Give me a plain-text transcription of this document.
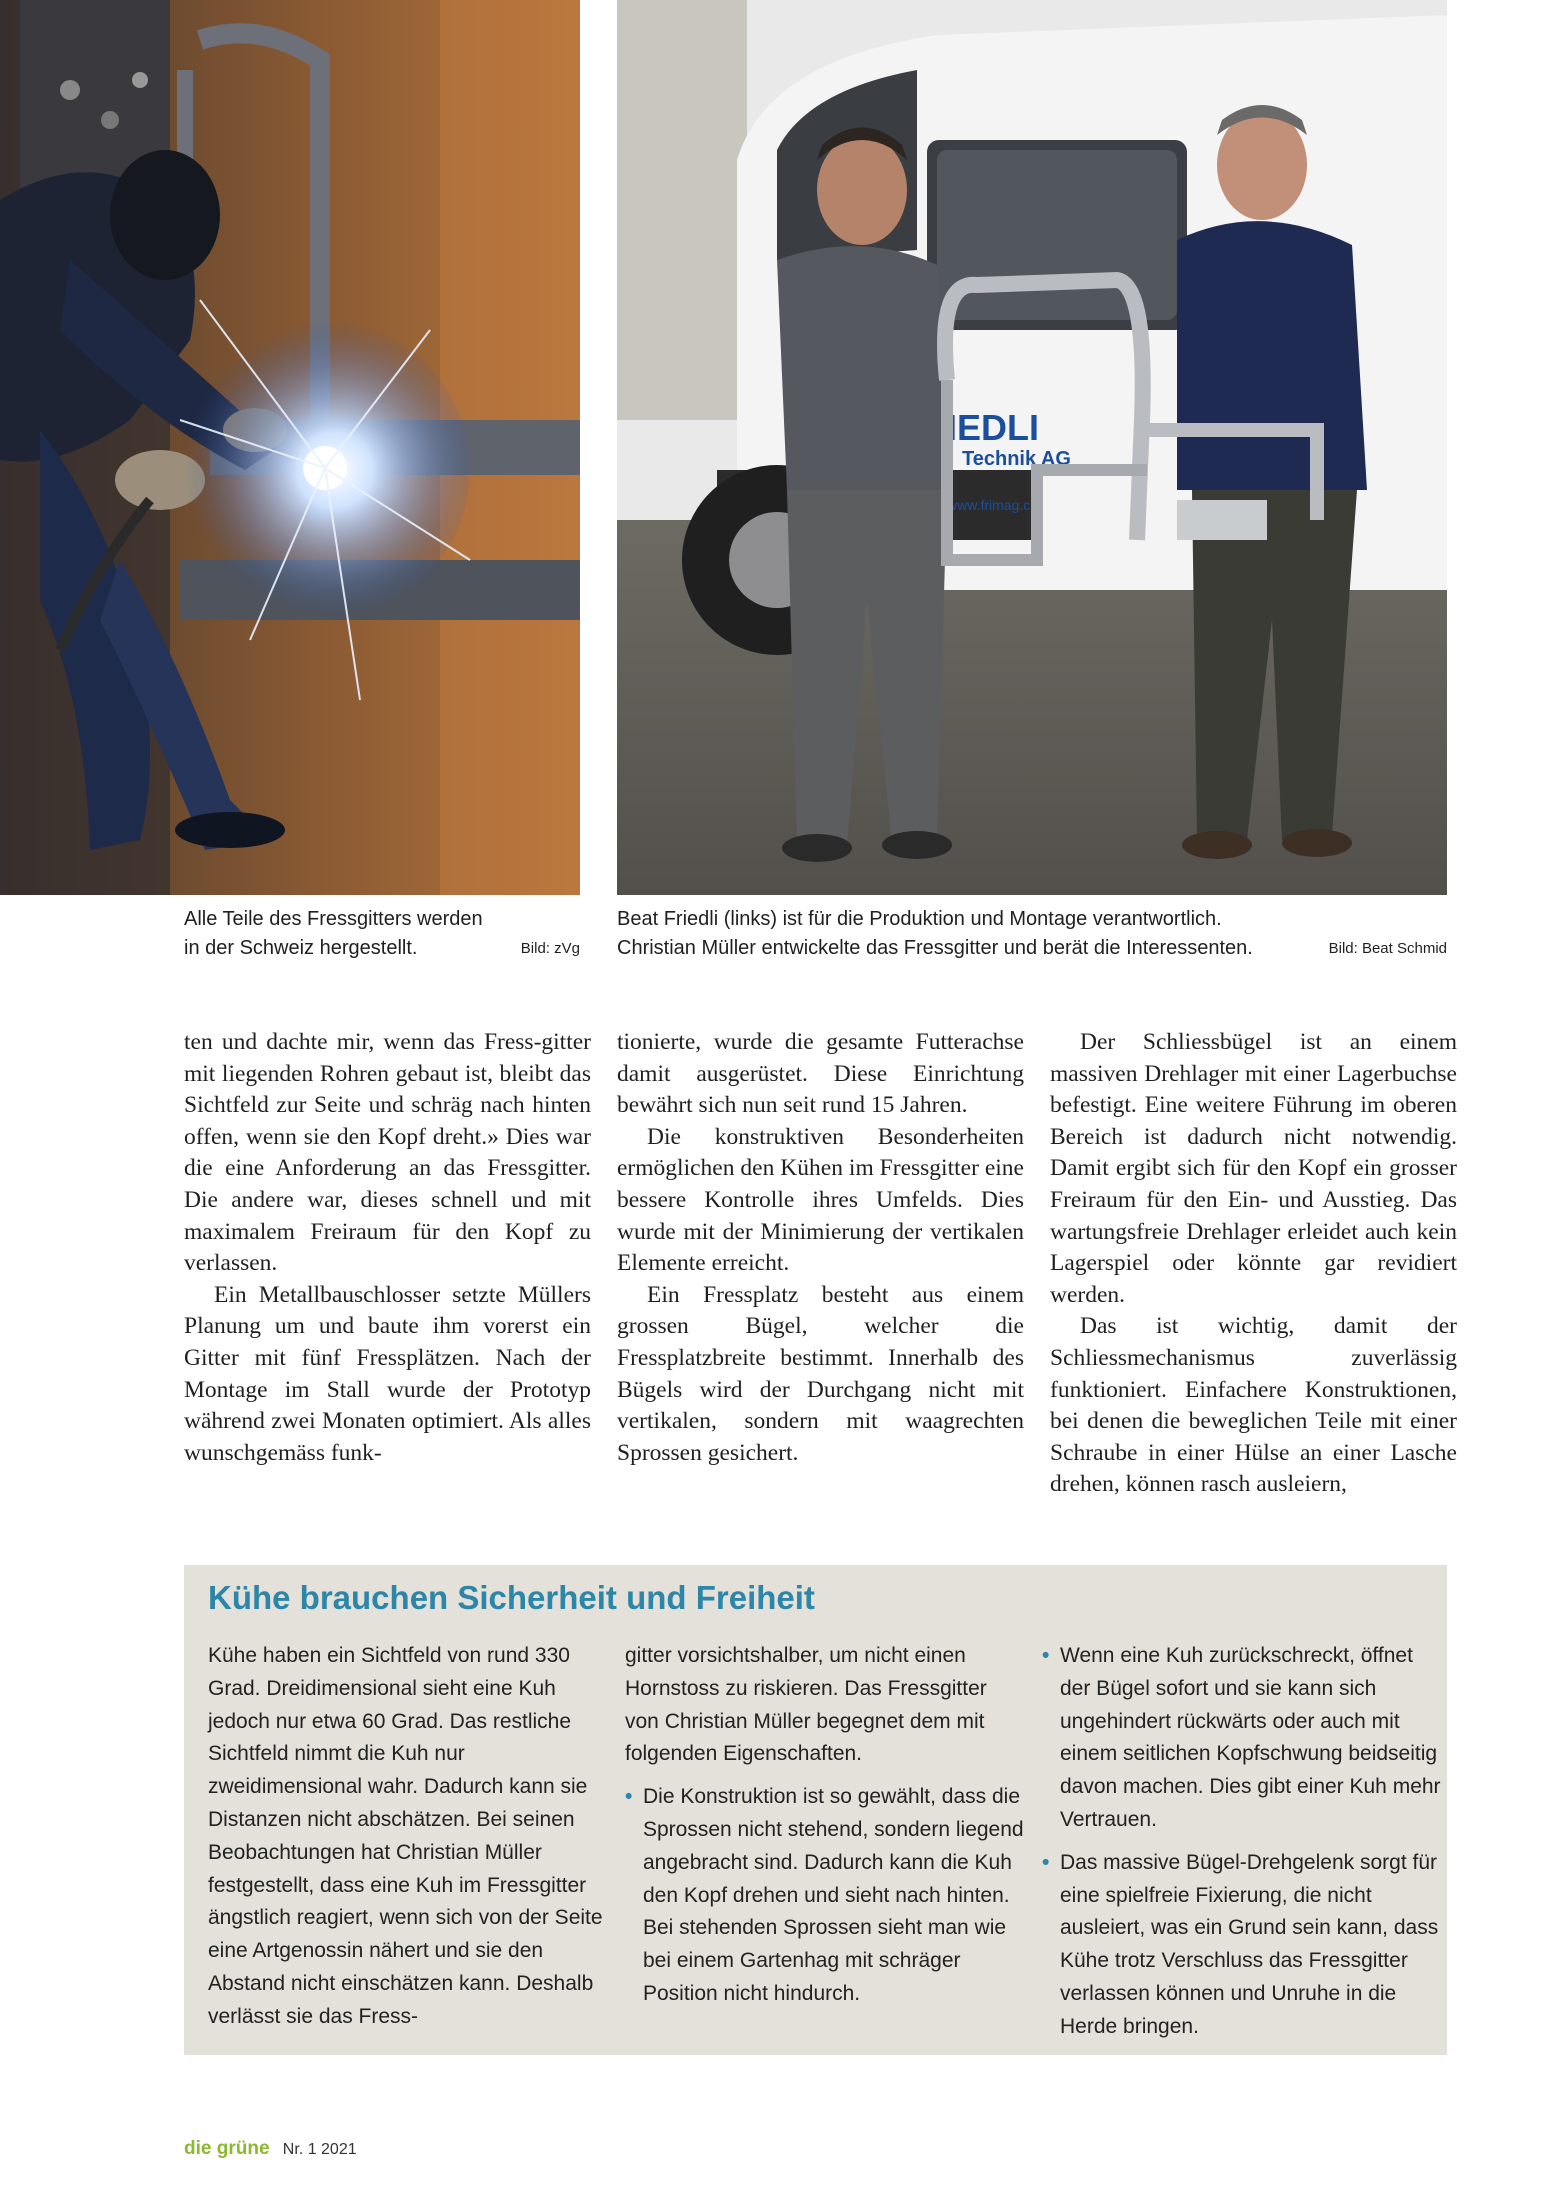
IEDLI
Technik AG
www.frimag.ch
Alle Teile des Fressgitters werden
in der Schweiz hergestellt.	Bild: zVg
Beat Friedli (links) ist für die Produktion und Montage verantwortlich.
Christian Müller entwickelte das Fressgitter und berät die Interessenten.	Bild: Beat Schmid

ten und dachte mir, wenn das Fress-gitter mit liegenden Rohren gebaut ist, bleibt das Sichtfeld zur Seite und schräg nach hinten offen, wenn sie den Kopf dreht.» Dies war die eine Anforderung an das Fressgitter. Die andere war, dieses schnell und mit maximalem Freiraum für den Kopf zu verlassen.

Ein Metallbauschlosser setzte Müllers Planung um und baute ihm vorerst ein Gitter mit fünf Fressplätzen. Nach der Montage im Stall wurde der Prototyp während zwei Monaten optimiert. Als alles wunschgemäss funk-

tionierte, wurde die gesamte Futterachse damit ausgerüstet. Diese Einrichtung bewährt sich nun seit rund 15 Jahren.

Die konstruktiven Besonderheiten ermöglichen den Kühen im Fressgitter eine bessere Kontrolle ihres Umfelds. Dies wurde mit der Minimierung der vertikalen Elemente erreicht.

Ein Fressplatz besteht aus einem grossen Bügel, welcher die Fressplatzbreite bestimmt. Innerhalb des Bügels wird der Durchgang nicht mit vertikalen, sondern mit waagrechten Sprossen gesichert.

Der Schliessbügel ist an einem massiven Drehlager mit einer Lagerbuchse befestigt. Eine weitere Führung im oberen Bereich ist dadurch nicht notwendig. Damit ergibt sich für den Kopf ein grosser Freiraum für den Ein- und Ausstieg. Das wartungsfreie Drehlager erleidet auch kein Lagerspiel oder könnte gar revidiert werden.

Das ist wichtig, damit der Schliessmechanismus zuverlässig funktioniert. Einfachere Konstruktionen, bei denen die beweglichen Teile mit einer Schraube in einer Hülse an einer Lasche drehen, können rasch ausleiern,

Kühe brauchen Sicherheit und Freiheit

Kühe haben ein Sichtfeld von rund 330 Grad. Dreidimensional sieht eine Kuh jedoch nur etwa 60 Grad. Das restliche Sichtfeld nimmt die Kuh nur zweidimensional wahr. Dadurch kann sie Distanzen nicht abschätzen. Bei seinen Beobachtungen hat Christian Müller festgestellt, dass eine Kuh im Fressgitter ängstlich reagiert, wenn sich von der Seite eine Artgenossin nähert und sie den Abstand nicht einschätzen kann. Deshalb verlässt sie das Fress-

gitter vorsichtshalber, um nicht einen Hornstoss zu riskieren. Das Fressgitter von Christian Müller begegnet dem mit folgenden Eigenschaften.

• Die Konstruktion ist so gewählt, dass die Sprossen nicht stehend, sondern liegend angebracht sind. Dadurch kann die Kuh den Kopf drehen und sieht nach hinten. Bei stehenden Sprossen sieht man wie bei einem Gartenhag mit schräger Position nicht hindurch.
• Wenn eine Kuh zurückschreckt, öffnet der Bügel sofort und sie kann sich ungehindert rückwärts oder auch mit einem seitlichen Kopfschwung beidseitig davon machen. Dies gibt einer Kuh mehr Vertrauen.
• Das massive Bügel-Drehgelenk sorgt für eine spielfreie Fixierung, die nicht ausleiert, was ein Grund sein kann, dass Kühe trotz Verschluss das Fressgitter verlassen können und Unruhe in die Herde bringen.
die grüne Nr. 1 2021
